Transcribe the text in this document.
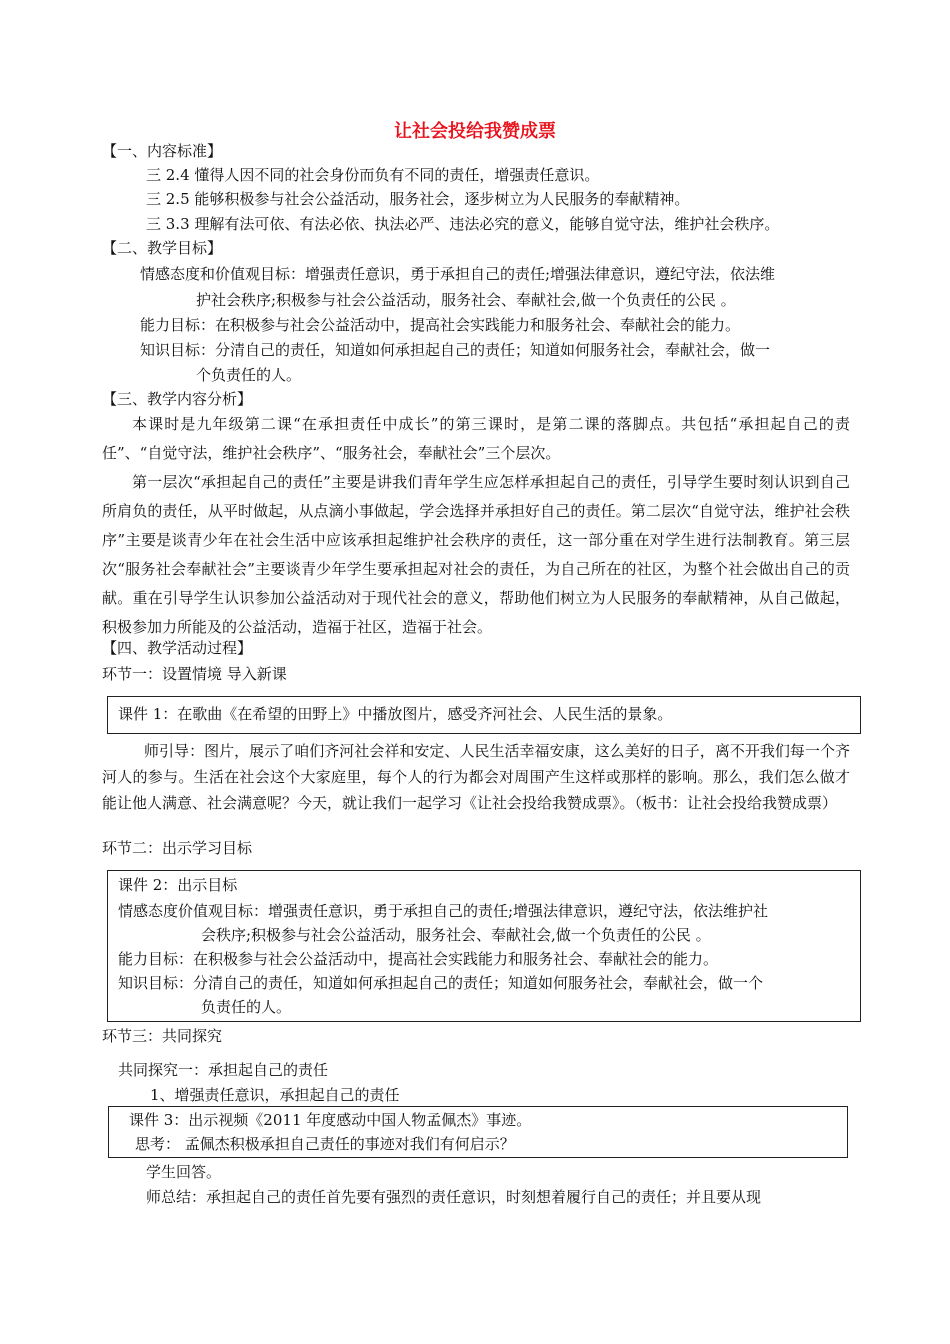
让社会投给我赞成票
【一、内容标准】
三 2.4 懂得人因不同的社会身份而负有不同的责任，增强责任意识。
三 2.5 能够积极参与社会公益活动，服务社会，逐步树立为人民服务的奉献精神。
三 3.3 理解有法可依、有法必依、执法必严、违法必究的意义，能够自觉守法，维护社会秩序。
【二、教学目标】
情感态度和价值观目标：增强责任意识，勇于承担自己的责任;增强法律意识，遵纪守法，依法维
护社会秩序;积极参与社会公益活动，服务社会、奉献社会,做一个负责任的公民 。
能力目标：在积极参与社会公益活动中，提高社会实践能力和服务社会、奉献社会的能力。
知识目标：分清自己的责任，知道如何承担起自己的责任；知道如何服务社会，奉献社会，做一
个负责任的人。
【三、教学内容分析】
本课时是九年级第二课“在承担责任中成长”的第三课时，是第二课的落脚点。共包括“承担起自己的责任”、“自觉守法，维护社会秩序”、“服务社会，奉献社会”三个层次。
第一层次“承担起自己的责任”主要是讲我们青年学生应怎样承担起自己的责任，引导学生要时刻认识到自己所肩负的责任，从平时做起，从点滴小事做起，学会选择并承担好自己的责任。第二层次“自觉守法，维护社会秩序”主要是谈青少年在社会生活中应该承担起维护社会秩序的责任，这一部分重在对学生进行法制教育。第三层次“服务社会奉献社会”主要谈青少年学生要承担起对社会的责任，为自己所在的社区，为整个社会做出自己的贡献。重在引导学生认识参加公益活动对于现代社会的意义，帮助他们树立为人民服务的奉献精神，从自己做起，积极参加力所能及的公益活动，造福于社区，造福于社会。
【四、教学活动过程】
环节一：设置情境 导入新课
课件 1：在歌曲《在希望的田野上》中播放图片，感受齐河社会、人民生活的景象。
师引导：图片，展示了咱们齐河社会祥和安定、人民生活幸福安康，这么美好的日子，离不开我们每一个齐河人的参与。生活在社会这个大家庭里，每个人的行为都会对周围产生这样或那样的影响。那么，我们怎么做才能让他人满意、社会满意呢？今天，就让我们一起学习《让社会投给我赞成票》。（板书：让社会投给我赞成票）
环节二：出示学习目标
课件 2：出示目标
情感态度价值观目标：增强责任意识，勇于承担自己的责任;增强法律意识，遵纪守法，依法维护社
会秩序;积极参与社会公益活动，服务社会、奉献社会,做一个负责任的公民 。
能力目标：在积极参与社会公益活动中，提高社会实践能力和服务社会、奉献社会的能力。
知识目标：分清自己的责任，知道如何承担起自己的责任；知道如何服务社会，奉献社会，做一个
负责任的人。
环节三：共同探究
共同探究一：承担起自己的责任
1、增强责任意识，承担起自己的责任
课件 3：出示视频《2011 年度感动中国人物孟佩杰》事迹。
思考： 孟佩杰积极承担自己责任的事迹对我们有何启示？
学生回答。
师总结：承担起自己的责任首先要有强烈的责任意识，时刻想着履行自己的责任；并且要从现
